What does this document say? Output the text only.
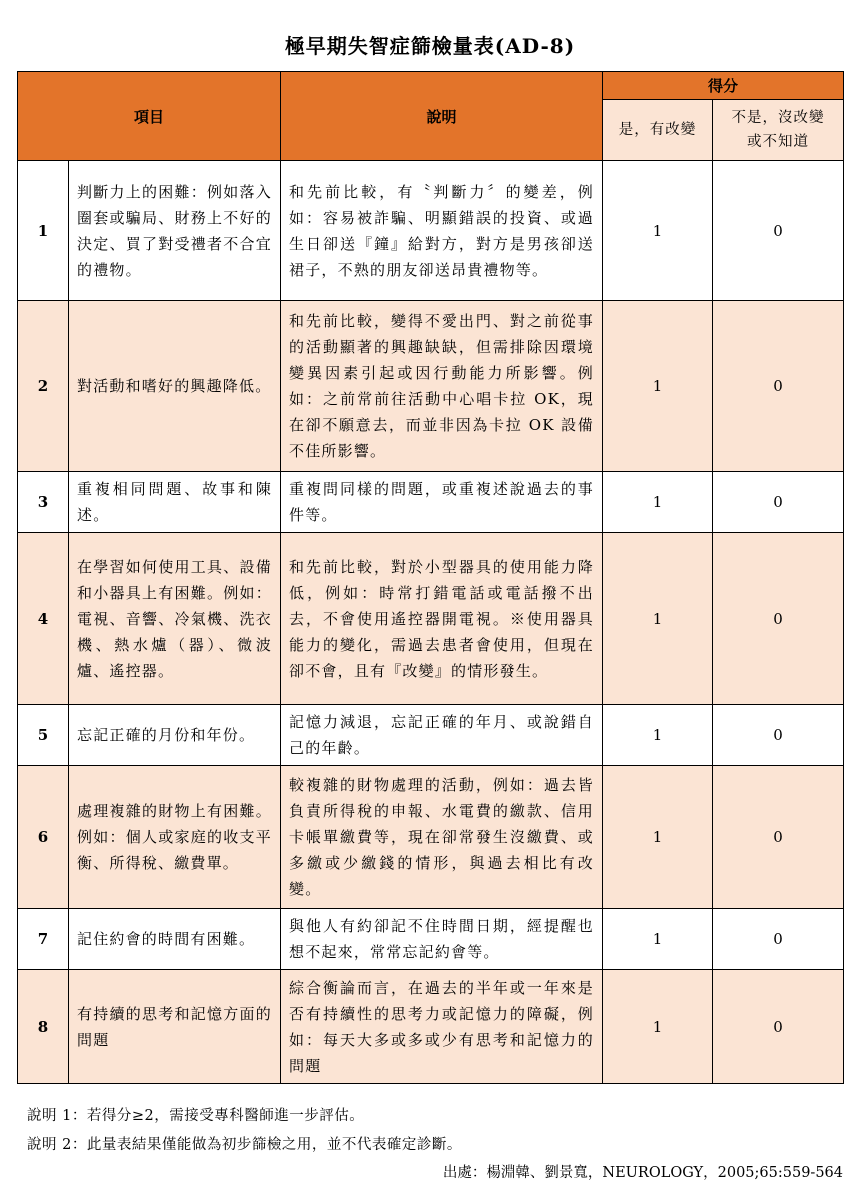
極早期失智症篩檢量表(AD-8)
項目		說明	得分	
			是，有改變	不是，沒改變
或不知道
1	判斷力上的困難：例如落入圈套或騙局、財務上不好的決定、買了對受禮者不合宜的禮物。	和先前比較，有〝判斷力〞的變差，例如：容易被詐騙、明顯錯誤的投資、或過生日卻送『鐘』給對方，對方是男孩卻送裙子，不熟的朋友卻送昂貴禮物等。	1	0
2	對活動和嗜好的興趣降低。	和先前比較，變得不愛出門、對之前從事的活動顯著的興趣缺缺，但需排除因環境變異因素引起或因行動能力所影響。例如：之前常前往活動中心唱卡拉 OK，現在卻不願意去，而並非因為卡拉 OK 設備不佳所影響。	1	0
3	重複相同問題、故事和陳述。	重複問同樣的問題，或重複述說過去的事件等。	1	0
4	在學習如何使用工具、設備和小器具上有困難。例如：電視、音響、冷氣機、洗衣機、熱水爐（器）、微波爐、遙控器。	和先前比較，對於小型器具的使用能力降低，例如：時常打錯電話或電話撥不出去，不會使用遙控器開電視。※使用器具能力的變化，需過去患者會使用，但現在卻不會，且有『改變』的情形發生。	1	0
5	忘記正確的月份和年份。	記憶力減退，忘記正確的年月、或說錯自己的年齡。	1	0
6	處理複雜的財物上有困難。例如：個人或家庭的收支平衡、所得稅、繳費單。	較複雜的財物處理的活動，例如：過去皆負責所得稅的申報、水電費的繳款、信用卡帳單繳費等，現在卻常發生沒繳費、或多繳或少繳錢的情形，與過去相比有改變。	1	0
7	記住約會的時間有困難。	與他人有約卻記不住時間日期，經提醒也想不起來，常常忘記約會等。	1	0
8	有持續的思考和記憶方面的問題	綜合衡論而言，在過去的半年或一年來是否有持續性的思考力或記憶力的障礙，例如：每天大多或多或少有思考和記憶力的問題	1	0
說明 1：若得分≥2，需接受專科醫師進一步評估。
說明 2：此量表結果僅能做為初步篩檢之用，並不代表確定診斷。
出處：楊淵韓、劉景寬，NEUROLOGY，2005;65:559-564
